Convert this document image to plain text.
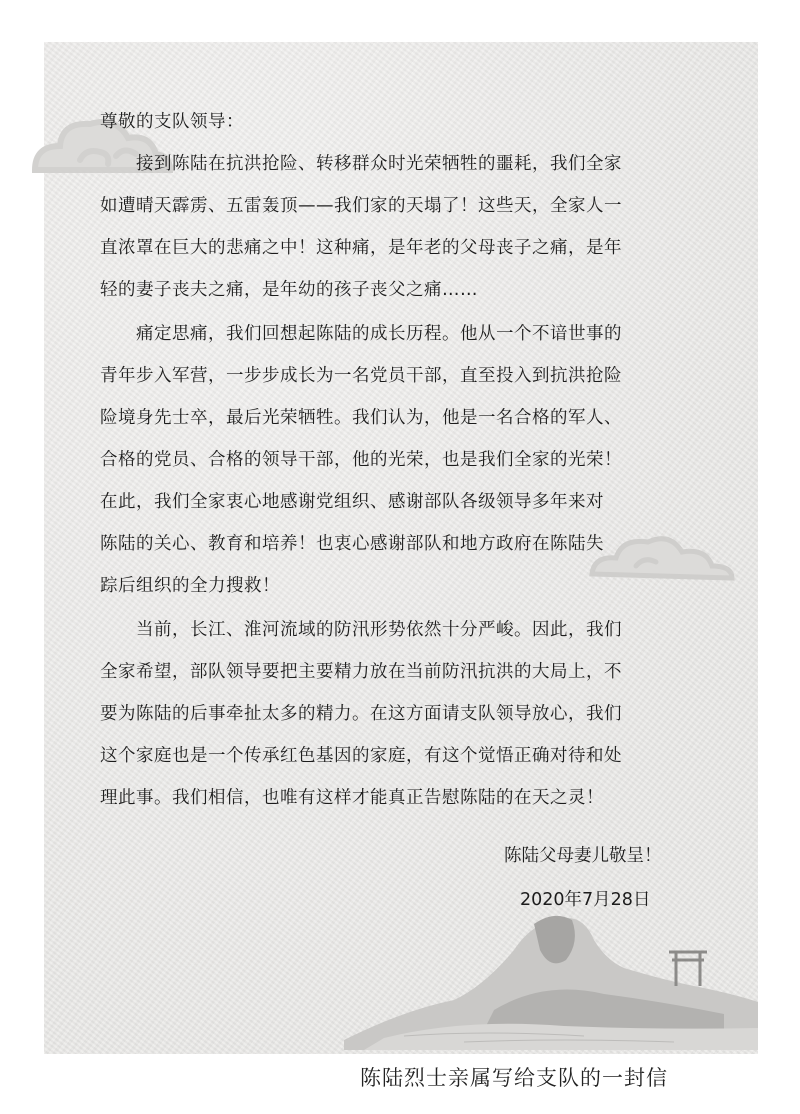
尊敬的支队领导：

接到陈陆在抗洪抢险、转移群众时光荣牺牲的噩耗，我们全家

如遭晴天霹雳、五雷轰顶——我们家的天塌了！这些天，全家人一

直浓罩在巨大的悲痛之中！这种痛，是年老的父母丧子之痛，是年

轻的妻子丧夫之痛，是年幼的孩子丧父之痛……

痛定思痛，我们回想起陈陆的成长历程。他从一个不谙世事的

青年步入军营，一步步成长为一名党员干部，直至投入到抗洪抢险

险境身先士卒，最后光荣牺牲。我们认为，他是一名合格的军人、

合格的党员、合格的领导干部，他的光荣，也是我们全家的光荣！

在此，我们全家衷心地感谢党组织、感谢部队各级领导多年来对

陈陆的关心、教育和培养！也衷心感谢部队和地方政府在陈陆失

踪后组织的全力搜救！

当前，长江、淮河流域的防汛形势依然十分严峻。因此，我们

全家希望，部队领导要把主要精力放在当前防汛抗洪的大局上，不

要为陈陆的后事牵扯太多的精力。在这方面请支队领导放心，我们

这个家庭也是一个传承红色基因的家庭，有这个觉悟正确对待和处

理此事。我们相信，也唯有这样才能真正告慰陈陆的在天之灵！

陈陆父母妻儿敬呈！

2020年7月28日

陈陆烈士亲属写给支队的一封信
